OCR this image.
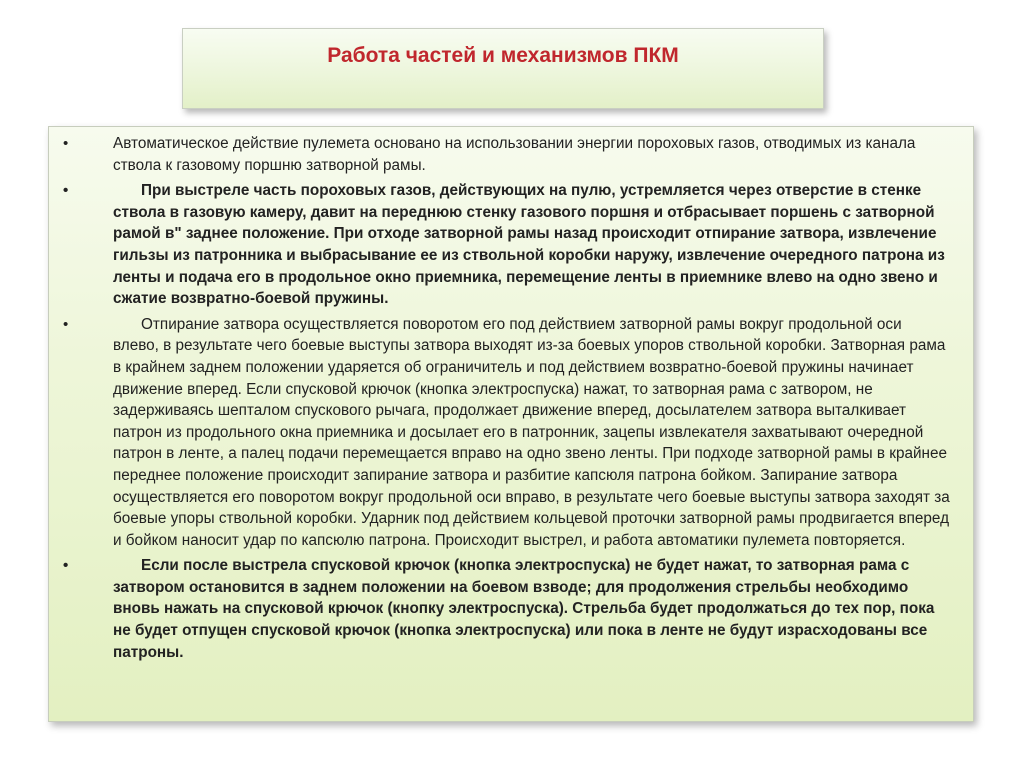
Работа частей и механизмов ПКМ
•	Автоматическое действие пулемета основано на использовании энергии пороховых газов, отводимых из канала ствола к газовому поршню затворной рамы.
•	При выстреле часть пороховых газов, действующих на пулю, устремляется через отверстие в стенке ствола в газовую камеру, давит на переднюю стенку газового поршня и отбрасывает поршень с затворной рамой в" заднее положение. При отходе затворной рамы назад происходит отпирание затвора, извлечение гильзы из патронника и выбрасывание ее из ствольной коробки наружу, извлечение очередного патрона из ленты и подача его в продольное окно приемника, перемещение ленты в приемнике влево на одно звено и сжатие возвратно-боевой пружины.
•	Отпирание затвора осуществляется поворотом его под действием затворной рамы вокруг продольной оси влево, в результате чего боевые выступы затвора выходят из-за боевых упоров ствольной коробки. Затворная рама в крайнем заднем положении ударяется об ограничитель и под действием возвратно-боевой пружины начинает движение вперед. Если спусковой крючок (кнопка электроспуска) нажат, то затворная рама с затвором, не задерживаясь шепталом спускового рычага, продолжает движение вперед, досылателем затвора выталкивает патрон из продольного окна приемника и досылает его в патронник, зацепы извлекателя захватывают очередной патрон в ленте, а палец подачи перемещается вправо на одно звено ленты. При подходе затворной рамы в крайнее переднее положение происходит запирание затвора и разбитие капсюля патрона бойком. Запирание затвора осуществляется его поворотом вокруг продольной оси вправо, в результате чего боевые выступы затвора заходят за боевые упоры ствольной коробки. Ударник под действием кольцевой проточки затворной рамы продвигается вперед и бойком наносит удар по капсюлю патрона. Происходит выстрел, и работа автоматики пулемета повторяется.
•	Если после выстрела спусковой крючок (кнопка электроспуска) не будет нажат, то затворная рама с затвором остановится в заднем положении на боевом взводе; для продолжения стрельбы необходимо вновь нажать на спусковой крючок (кнопку электроспуска). Стрельба будет продолжаться до тех пор, пока не будет отпущен спусковой крючок (кнопка электроспуска) или пока в ленте не будут израсходованы все патроны.
